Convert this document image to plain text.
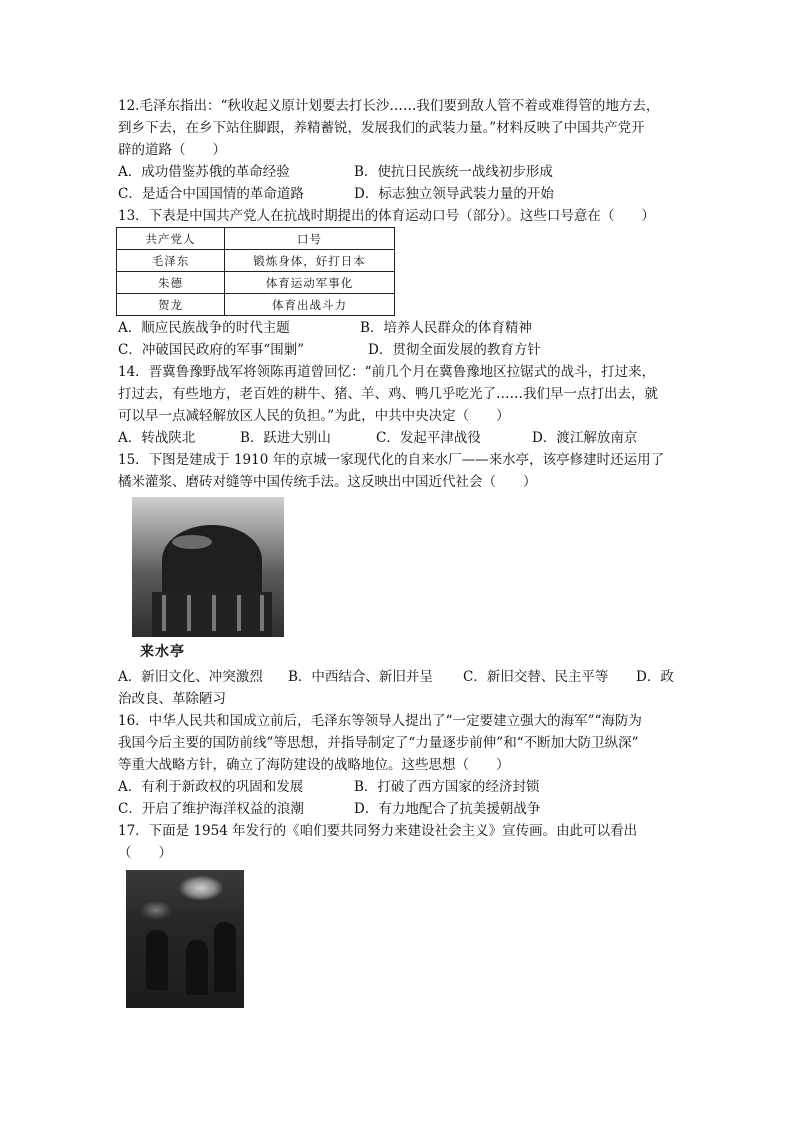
12.毛泽东指出：“秋收起义原计划要去打长沙……我们要到敌人管不着或难得管的地方去，
到乡下去，在乡下站住脚跟，养精蓄锐，发展我们的武装力量。”材料反映了中国共产党开
辟的道路（　　）
A．成功借鉴苏俄的革命经验	B．使抗日民族统一战线初步形成
C．是适合中国国情的革命道路	D．标志独立领导武装力量的开始
13．下表是中国共产党人在抗战时期提出的体育运动口号（部分）。这些口号意在（　　）
共产党人	口号
毛泽东	锻炼身体，好打日本
朱德	体育运动军事化
贺龙	体育出战斗力
A．顺应民族战争的时代主题	B．培养人民群众的体育精神
C．冲破国民政府的军事“围剿”	D．贯彻全面发展的教育方针
14．晋冀鲁豫野战军将领陈再道曾回忆：“前几个月在冀鲁豫地区拉锯式的战斗，打过来，
打过去，有些地方，老百姓的耕牛、猪、羊、鸡、鸭几乎吃光了……我们早一点打出去，就
可以早一点减轻解放区人民的负担。”为此，中共中央决定（　　）
A．转战陕北	B．跃进大别山	C．发起平津战役	D．渡江解放南京
15．下图是建成于 1910 年的京城一家现代化的自来水厂——来水亭，该亭修建时还运用了
橘米灌浆、磨砖对缝等中国传统手法。这反映出中国近代社会（　　）
来水亭
A．新旧文化、冲突激烈 B．中西结合、新旧并呈 C．新旧交替、民主平等 D．政
治改良、革除陋习
16．中华人民共和国成立前后，毛泽东等领导人提出了“一定要建立强大的海军”“海防为
我国今后主要的国防前线”等思想，并指导制定了“力量逐步前伸”和“不断加大防卫纵深”
等重大战略方针，确立了海防建设的战略地位。这些思想（　　）
A．有利于新政权的巩固和发展	B．打破了西方国家的经济封锁
C．开启了维护海洋权益的浪潮	D．有力地配合了抗美援朝战争
17．下面是 1954 年发行的《咱们要共同努力来建设社会主义》宣传画。由此可以看出
（　　）
